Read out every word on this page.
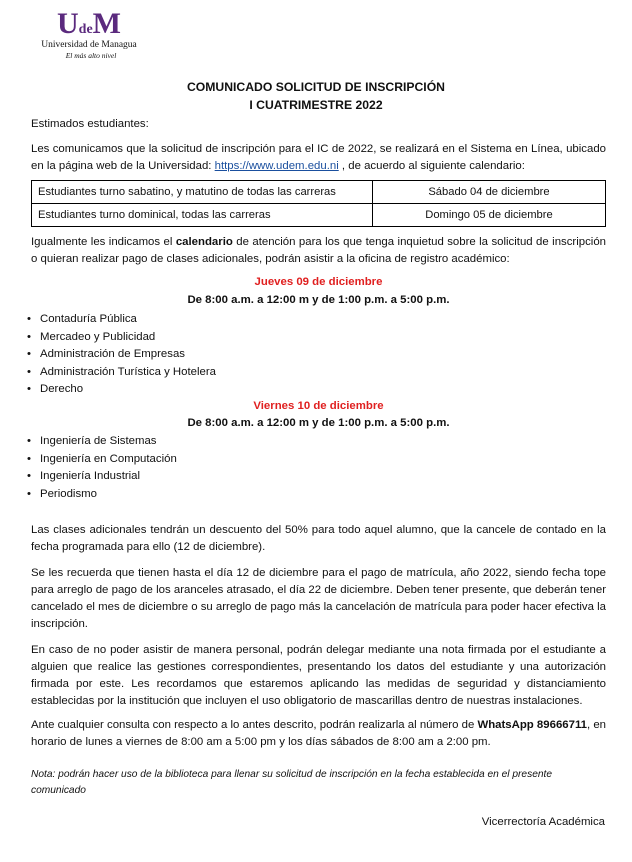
UdeM
Universidad de Managua
El más alto nivel
COMUNICADO SOLICITUD DE INSCRIPCIÓN
I CUATRIMESTRE 2022
Estimados estudiantes:
Les comunicamos que la solicitud de inscripción para el IC de 2022, se realizará en el Sistema en Línea, ubicado en la página web de la Universidad: https://www.udem.edu.ni , de acuerdo al siguiente calendario:
Estudiantes turno sabatino, y matutino de todas las carreras	Sábado 04 de diciembre
Estudiantes turno dominical, todas las carreras	Domingo 05 de diciembre
Igualmente les indicamos el calendario de atención para los que tenga inquietud sobre la solicitud de inscripción o quieran realizar pago de clases adicionales, podrán asistir a la oficina de registro académico:
Jueves 09 de diciembre
De 8:00 a.m. a 12:00 m y de 1:00 p.m. a 5:00 p.m.
• Contaduría Pública
• Mercadeo y Publicidad
• Administración de Empresas
• Administración Turística y Hotelera
• Derecho
Viernes 10 de diciembre
De 8:00 a.m. a 12:00 m y de 1:00 p.m. a 5:00 p.m.
• Ingeniería de Sistemas
• Ingeniería en Computación
• Ingeniería Industrial
• Periodismo
Las clases adicionales tendrán un descuento del 50% para todo aquel alumno, que la cancele de contado en la fecha programada para ello (12 de diciembre).
Se les recuerda que tienen hasta el día 12 de diciembre para el pago de matrícula, año 2022, siendo fecha tope para arreglo de pago de los aranceles atrasado, el día 22 de diciembre. Deben tener presente, que deberán tener cancelado el mes de diciembre o su arreglo de pago más la cancelación de matrícula para poder hacer efectiva la inscripción.
En caso de no poder asistir de manera personal, podrán delegar mediante una nota firmada por el estudiante a alguien que realice las gestiones correspondientes, presentando los datos del estudiante y una autorización firmada por este. Les recordamos que estaremos aplicando las medidas de seguridad y distanciamiento establecidas por la institución que incluyen el uso obligatorio de mascarillas dentro de nuestras instalaciones.
Ante cualquier consulta con respecto a lo antes descrito, podrán realizarla al número de WhatsApp 89666711, en horario de lunes a viernes de 8:00 am a 5:00 pm y los días sábados de 8:00 am a 2:00 pm.
Nota: podrán hacer uso de la biblioteca para llenar su solicitud de inscripción en la fecha establecida en el presente comunicado
Vicerrectoría Académica
